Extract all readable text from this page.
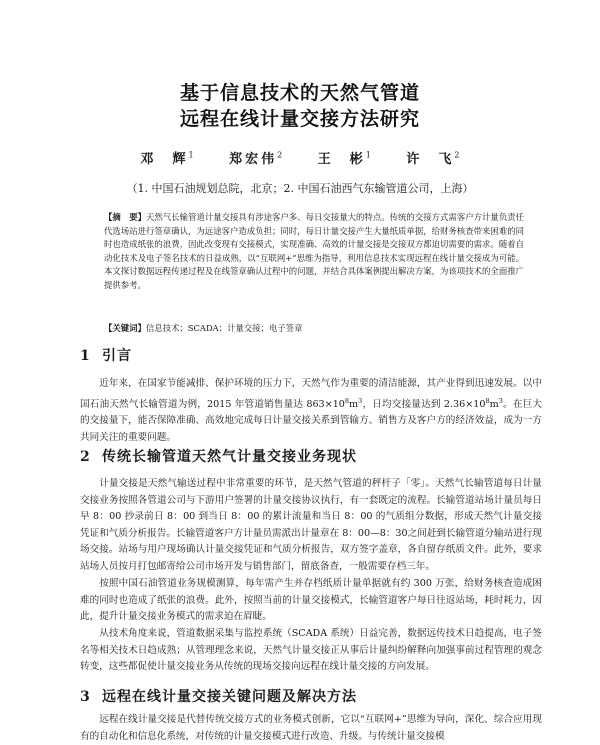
基于信息技术的天然气管道
远程在线计量交接方法研究
邓　辉$^1$	郑宏伟$^2$	王　彬$^1$	许　飞$^2$
（1. 中国石油规划总院，北京；2. 中国石油西气东输管道公司，上海）
【摘　要】天然气长输管道计量交接具有涉途客户多、每日交接量大的特点。传统的交接方式需客户方计量负责任代选场站进行签章确认，为远途客户造成负担；同时，每日计量交接产生大量纸质单据，给财务核查带来困难的同时也造成纸张的浪费，因此改变现有交接模式，实现准确、高效的计量交接是交接双方都迫切需要的需求。随着自动化技术及电子签名技术的日益成熟，以“互联网+”思维为指导，利用信息技术实现远程在线计量交接成为可能。本文探讨数据远程传递过程及在线签章确认过程中的问题，并结合具体案例提出解决方案，为该项技术的全面推广提供参考。
【关键词】信息技术；SCADA；计量交接；电子签章
1 引言
近年来，在国家节能减排、保护环境的压力下，天然气作为重要的清洁能源，其产业得到迅速发展。以中国石油天然气长输管道为例，2015 年管道销售量达 $863\times 10^8m^3$，日均交接量达到 $2.36\times 10^8m^3$。在巨大的交接量下，能否保障准确、高效地完成每日计量交接关系到管输方、销售方及客户方的经济效益，成为一方共同关注的重要问题。
2 传统长输管道天然气计量交接业务现状
计量交接是天然气输送过程中非常重要的环节，是天然气管道的秤杆子「零」。天然气长输管道每日计量交接业务按照各管道公司与下游用户签署的计量交接协议执行，有一套既定的流程。长输管道站场计量员每日早 8：00 抄录前日 8：00 到当日 8：00 的累计流量和当日 8：00 的气质组分数据，形成天然气计量交接凭证和气质分析报告。长输管道客户方计量员需派出计量章在 8：00—8：30之间赶到长输管道分输站进行现场交接。站场与用户现场确认计量交接凭证和气质分析报告，双方签字盖章，各自留存纸质文件。此外，要求站场人员按月打包邮寄给公司市场开发与销售部门，留底备查，一般需要存档三年。
按照中国石油管道业务规模测算，每年需产生并存档纸质计量单据就有约 300 万张，给财务核查造成困难的同时也造成了纸张的浪费。此外，按照当前的计量交接模式，长输管道客户每日往返站场，耗时耗力，因此，提升计量交接业务模式的需求迫在眉睫。
从技术角度来说，管道数据采集与监控系统（SCADA 系统）日益完善，数据远传技术日趋提高，电子签名等相关技术日趋成熟；从管理理念来说，天然气计量交接正从事后计量纠纷解释向加强事前过程管理的观念转变，这些都促使计量交接业务从传统的现场交接向远程在线计量交接的方向发展。
3 远程在线计量交接关键问题及解决方法
远程在线计量交接是代替传统交接方式的业务模式创新，它以“互联网+”思维为导向，深化、综合应用现有的自动化和信息化系统，对传统的计量交接模式进行改造、升级。与传统计量交接模
